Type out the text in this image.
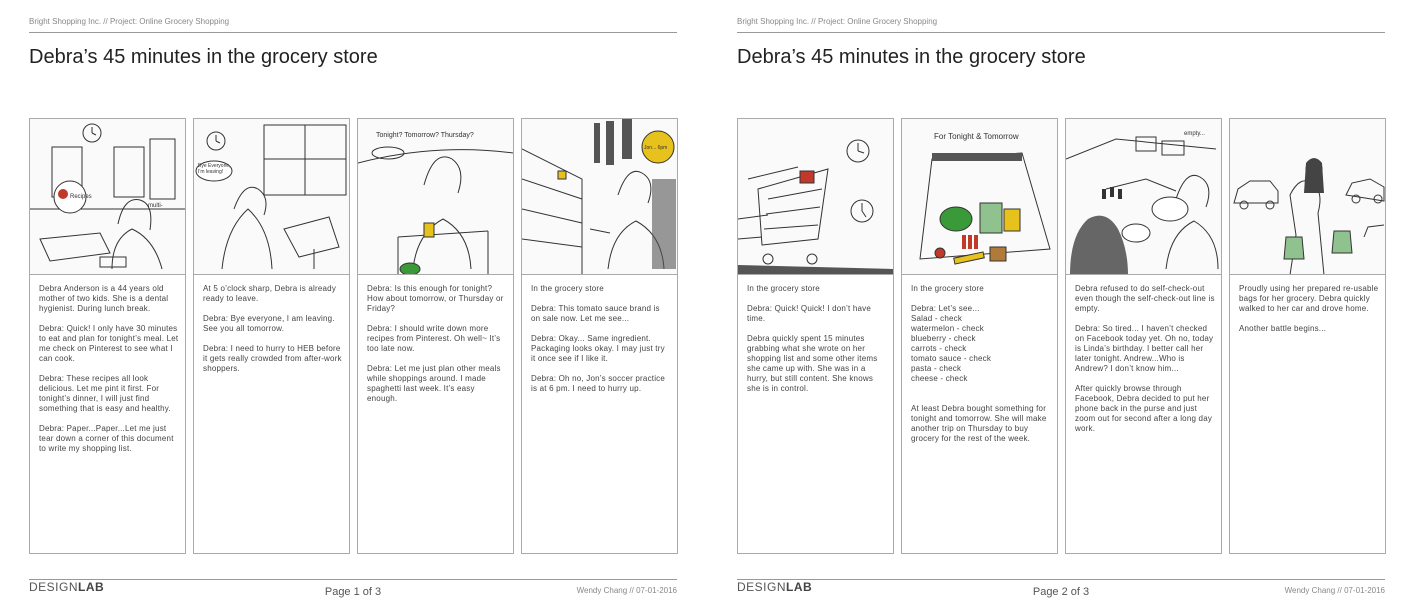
Bright Shopping Inc. // Project: Online Grocery Shopping
Debra’s 45 minutes in the grocery store
Recipes
multi-
Debra Anderson is a 44 years old mother of two kids. She is a dental hygienist. During lunch break.

Debra: Quick! I only have 30 minutes to eat and plan for tonight’s meal. Let me check on Pinterest to see what I can cook.

Debra: These recipes all look delicious. Let me pint it first. For tonight’s dinner, I will just find something that is easy and healthy.

Debra: Paper...Paper...Let me just tear down a corner of this document to write my shopping list.
Bye Everyone, I'm leaving!
At 5 o’clock sharp, Debra is already ready to leave.

Debra: Bye everyone, I am leaving. See you all tomorrow.

Debra: I need to hurry to HEB before it gets really crowded from after-work shoppers.
Tonight? Tomorrow? Thursday?
Debra: Is this enough for tonight? How about tomorrow, or Thursday or Friday?

Debra: I should write down more recipes from Pinterest. Oh well~ It’s too late now.

Debra: Let me just plan other meals while shoppings around. I made spaghetti last week. It’s easy enough.
Jon... 6pm
In the grocery store

Debra: This tomato sauce brand is on sale now. Let me see...

Debra: Okay... Same ingredient. Packaging looks okay. I may just try it once see if I like it.

Debra: Oh no, Jon’s soccer practice is at 6 pm. I need to hurry up.
DESIGNLAB	Page 1 of 3	Wendy Chang // 07-01-2016
Bright Shopping Inc. // Project: Online Grocery Shopping
Debra’s 45 minutes in the grocery store
In the grocery store

Debra: Quick! Quick! I don’t have time.

Debra quickly spent 15 minutes grabbing what she wrote on her shopping list and some other items she came up with. She was in a hurry, but still content. She knows she is in control.
For Tonight & Tomorrow
In the grocery store

Debra: Let’s see...
Salad - check
watermelon - check
blueberry - check
carrots - check
tomato sauce - check
pasta - check
cheese - check

At least Debra bought something for tonight and tomorrow. She will make another trip on Thursday to buy grocery for the rest of the week.
empty...
Debra refused to do self-check-out even though the self-check-out line is empty.

Debra: So tired... I haven’t checked on Facebook today yet. Oh no, today is Linda’s birthday. I better call her later tonight. Andrew...Who is Andrew? I don’t know him...

After quickly browse through Facebook, Debra decided to put her phone back in the purse and just zoom out for second after a long day work.
Proudly using her prepared re-usable bags for her grocery. Debra quickly walked to her car and drove home.

Another battle begins...
DESIGNLAB	Page 2 of 3	Wendy Chang // 07-01-2016
